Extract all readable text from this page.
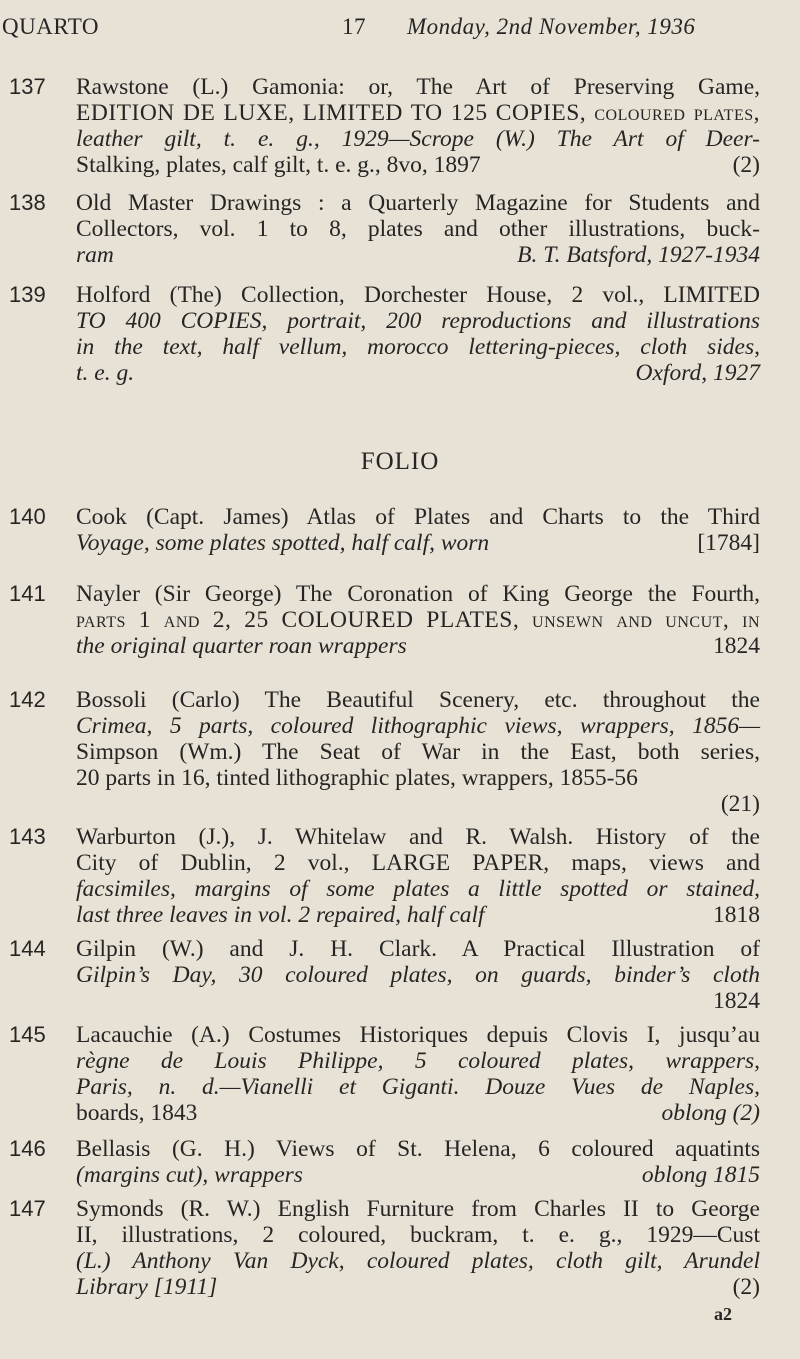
QUARTO	17 Monday, 2nd November, 1936
137	Rawstone (L.) Gamonia: or, The Art of Preserving Game,
EDITION DE LUXE, LIMITED TO 125 COPIES, coloured plates,
leather gilt, t. e. g., 1929—Scrope (W.) The Art of Deer-
Stalking, plates, calf gilt, t. e. g., 8vo, 1897	(2)
138	Old Master Drawings : a Quarterly Magazine for Students and
Collectors, vol. 1 to 8, plates and other illustrations, buck-
ram	B. T. Batsford, 1927-1934
139	Holford (The) Collection, Dorchester House, 2 vol., LIMITED
TO 400 COPIES, portrait, 200 reproductions and illustrations
in the text, half vellum, morocco lettering-pieces, cloth sides,
t. e. g.	Oxford, 1927
FOLIO
140	Cook (Capt. James) Atlas of Plates and Charts to the Third
Voyage, some plates spotted, half calf, worn	[1784]
141	Nayler (Sir George) The Coronation of King George the Fourth,
parts 1 and 2, 25 COLOURED PLATES, unsewn and uncut, in
the original quarter roan wrappers	1824
142	Bossoli (Carlo) The Beautiful Scenery, etc. throughout the
Crimea, 5 parts, coloured lithographic views, wrappers, 1856—
Simpson (Wm.) The Seat of War in the East, both series,
20 parts in 16, tinted lithographic plates, wrappers, 1855-56
(21)
143	Warburton (J.), J. Whitelaw and R. Walsh. History of the
City of Dublin, 2 vol., LARGE PAPER, maps, views and
facsimiles, margins of some plates a little spotted or stained,
last three leaves in vol. 2 repaired, half calf	1818
144	Gilpin (W.) and J. H. Clark. A Practical Illustration of
Gilpin’s Day, 30 coloured plates, on guards, binder’s cloth
1824
145	Lacauchie (A.) Costumes Historiques depuis Clovis I, jusqu’au
règne de Louis Philippe, 5 coloured plates, wrappers,
Paris, n. d.—Vianelli et Giganti. Douze Vues de Naples,
boards, 1843	oblong (2)
146	Bellasis (G. H.) Views of St. Helena, 6 coloured aquatints
(margins cut), wrappers	oblong 1815
147	Symonds (R. W.) English Furniture from Charles II to George
II, illustrations, 2 coloured, buckram, t. e. g., 1929—Cust
(L.) Anthony Van Dyck, coloured plates, cloth gilt, Arundel
Library [1911]	(2)
a2
